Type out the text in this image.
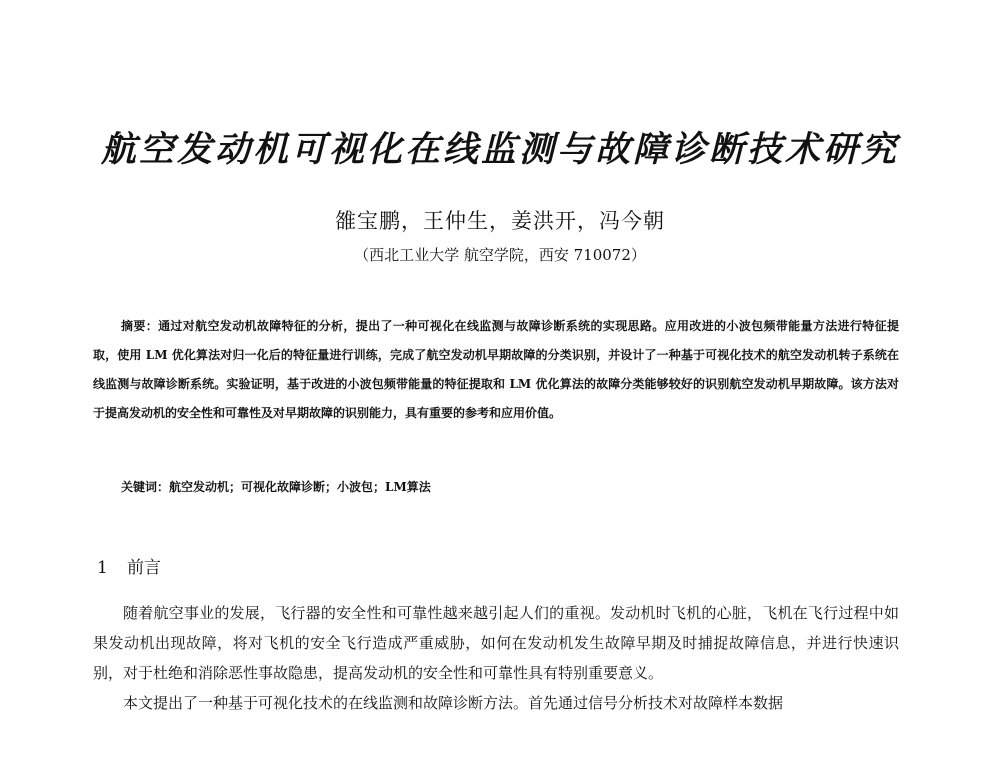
航空发动机可视化在线监测与故障诊断技术研究
雒宝鹏，王仲生，姜洪开，冯今朝
（西北工业大学 航空学院，西安 710072）

摘要：通过对航空发动机故障特征的分析，提出了一种可视化在线监测与故障诊断系统的实现思路。应用改进的小波包频带能量方法进行特征提取，使用 LM 优化算法对归一化后的特征量进行训练，完成了航空发动机早期故障的分类识别，并设计了一种基于可视化技术的航空发动机转子系统在线监测与故障诊断系统。实验证明，基于改进的小波包频带能量的特征提取和 LM 优化算法的故障分类能够较好的识别航空发动机早期故障。该方法对于提高发动机的安全性和可靠性及对早期故障的识别能力，具有重要的参考和应用价值。

关键词：航空发动机；可视化故障诊断；小波包；LM算法
1 前言

随着航空事业的发展，飞行器的安全性和可靠性越来越引起人们的重视。发动机时飞机的心脏，飞机在飞行过程中如果发动机出现故障，将对飞机的安全飞行造成严重威胁，如何在发动机发生故障早期及时捕捉故障信息，并进行快速识别，对于杜绝和消除恶性事故隐患，提高发动机的安全性和可靠性具有特别重要意义。

本文提出了一种基于可视化技术的在线监测和故障诊断方法。首先通过信号分析技术对故障样本数据
